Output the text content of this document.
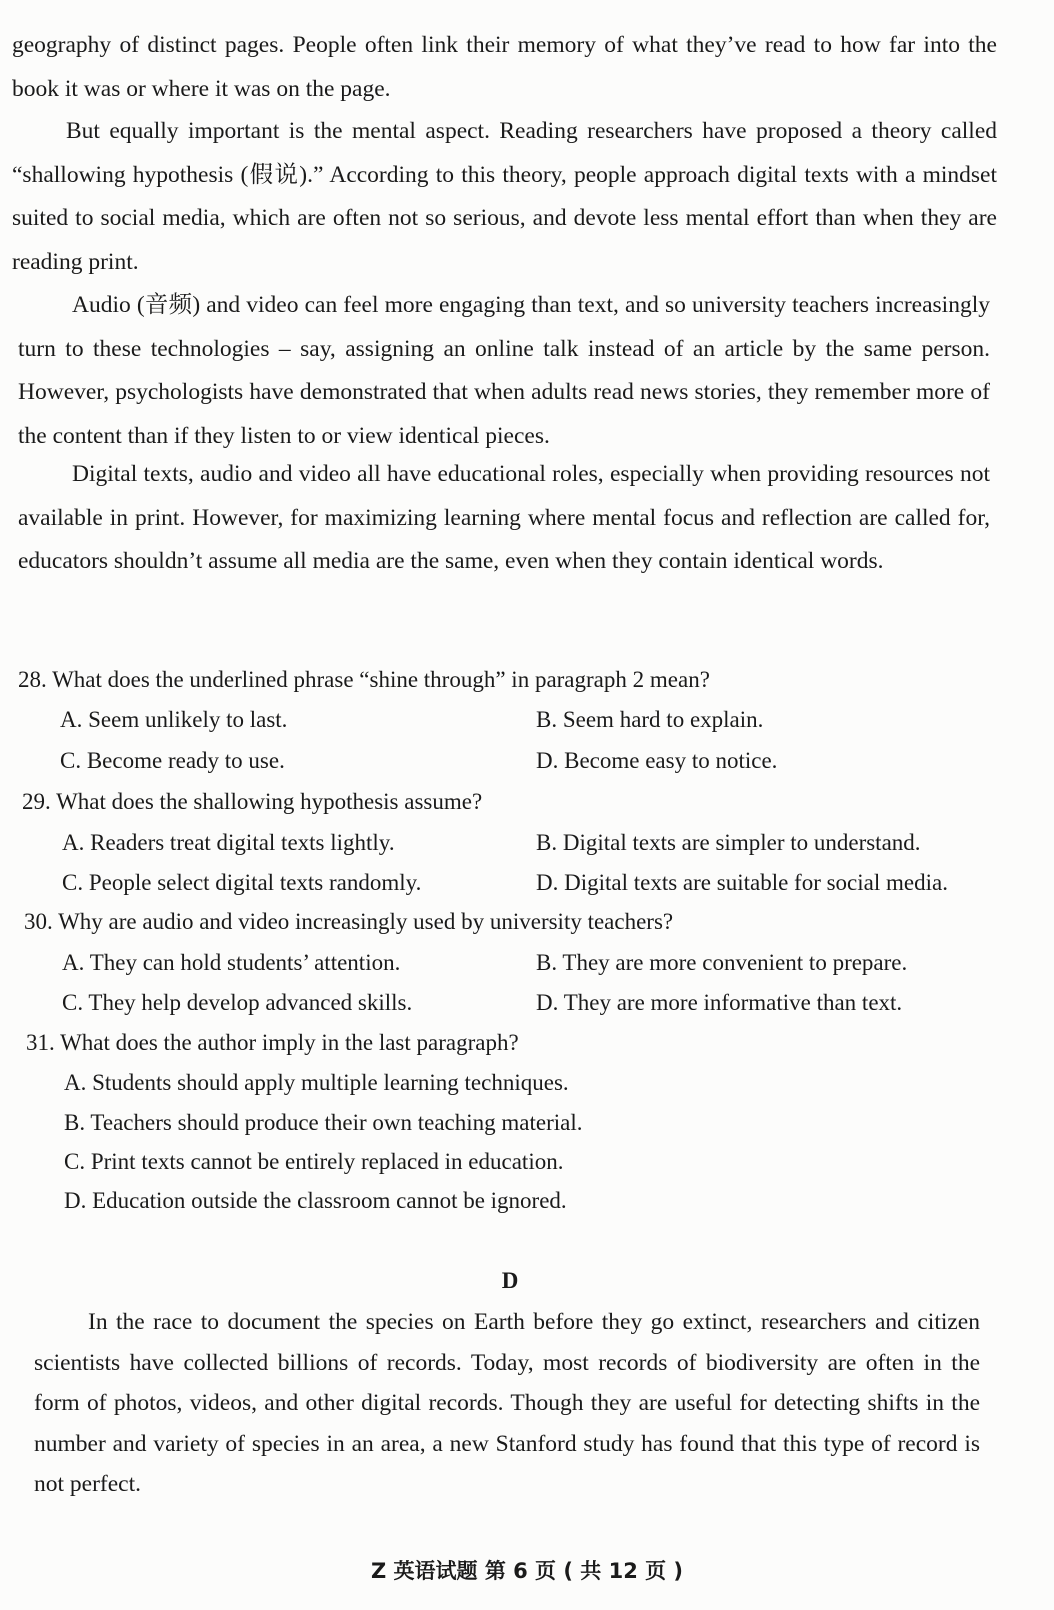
geography of distinct pages. People often link their memory of what they’ve read to how far into the book it was or where it was on the page.

But equally important is the mental aspect. Reading researchers have proposed a theory called “shallowing hypothesis (假说).” According to this theory, people approach digital texts with a mindset suited to social media, which are often not so serious, and devote less mental effort than when they are reading print.

Audio (音频) and video can feel more engaging than text, and so university teachers increasingly turn to these technologies – say, assigning an online talk instead of an article by the same person. However, psychologists have demonstrated that when adults read news stories, they remember more of the content than if they listen to or view identical pieces.

Digital texts, audio and video all have educational roles, especially when providing resources not available in print. However, for maximizing learning where mental focus and reflection are called for, educators shouldn’t assume all media are the same, even when they contain identical words.

28. What does the underlined phrase “shine through” in paragraph 2 mean?
A. Seem unlikely to last.	B. Seem hard to explain.
C. Become ready to use.	D. Become easy to notice.
29. What does the shallowing hypothesis assume?
A. Readers treat digital texts lightly.	B. Digital texts are simpler to understand.
C. People select digital texts randomly.	D. Digital texts are suitable for social media.
30. Why are audio and video increasingly used by university teachers?
A. They can hold students’ attention.	B. They are more convenient to prepare.
C. They help develop advanced skills.	D. They are more informative than text.
31. What does the author imply in the last paragraph?
A. Students should apply multiple learning techniques.
B. Teachers should produce their own teaching material.
C. Print texts cannot be entirely replaced in education.
D. Education outside the classroom cannot be ignored.
D

In the race to document the species on Earth before they go extinct, researchers and citizen scientists have collected billions of records. Today, most records of biodiversity are often in the form of photos, videos, and other digital records. Though they are useful for detecting shifts in the number and variety of species in an area, a new Stanford study has found that this type of record is not perfect.

Z 英语试题 第 6 页 ( 共 12 页 )
